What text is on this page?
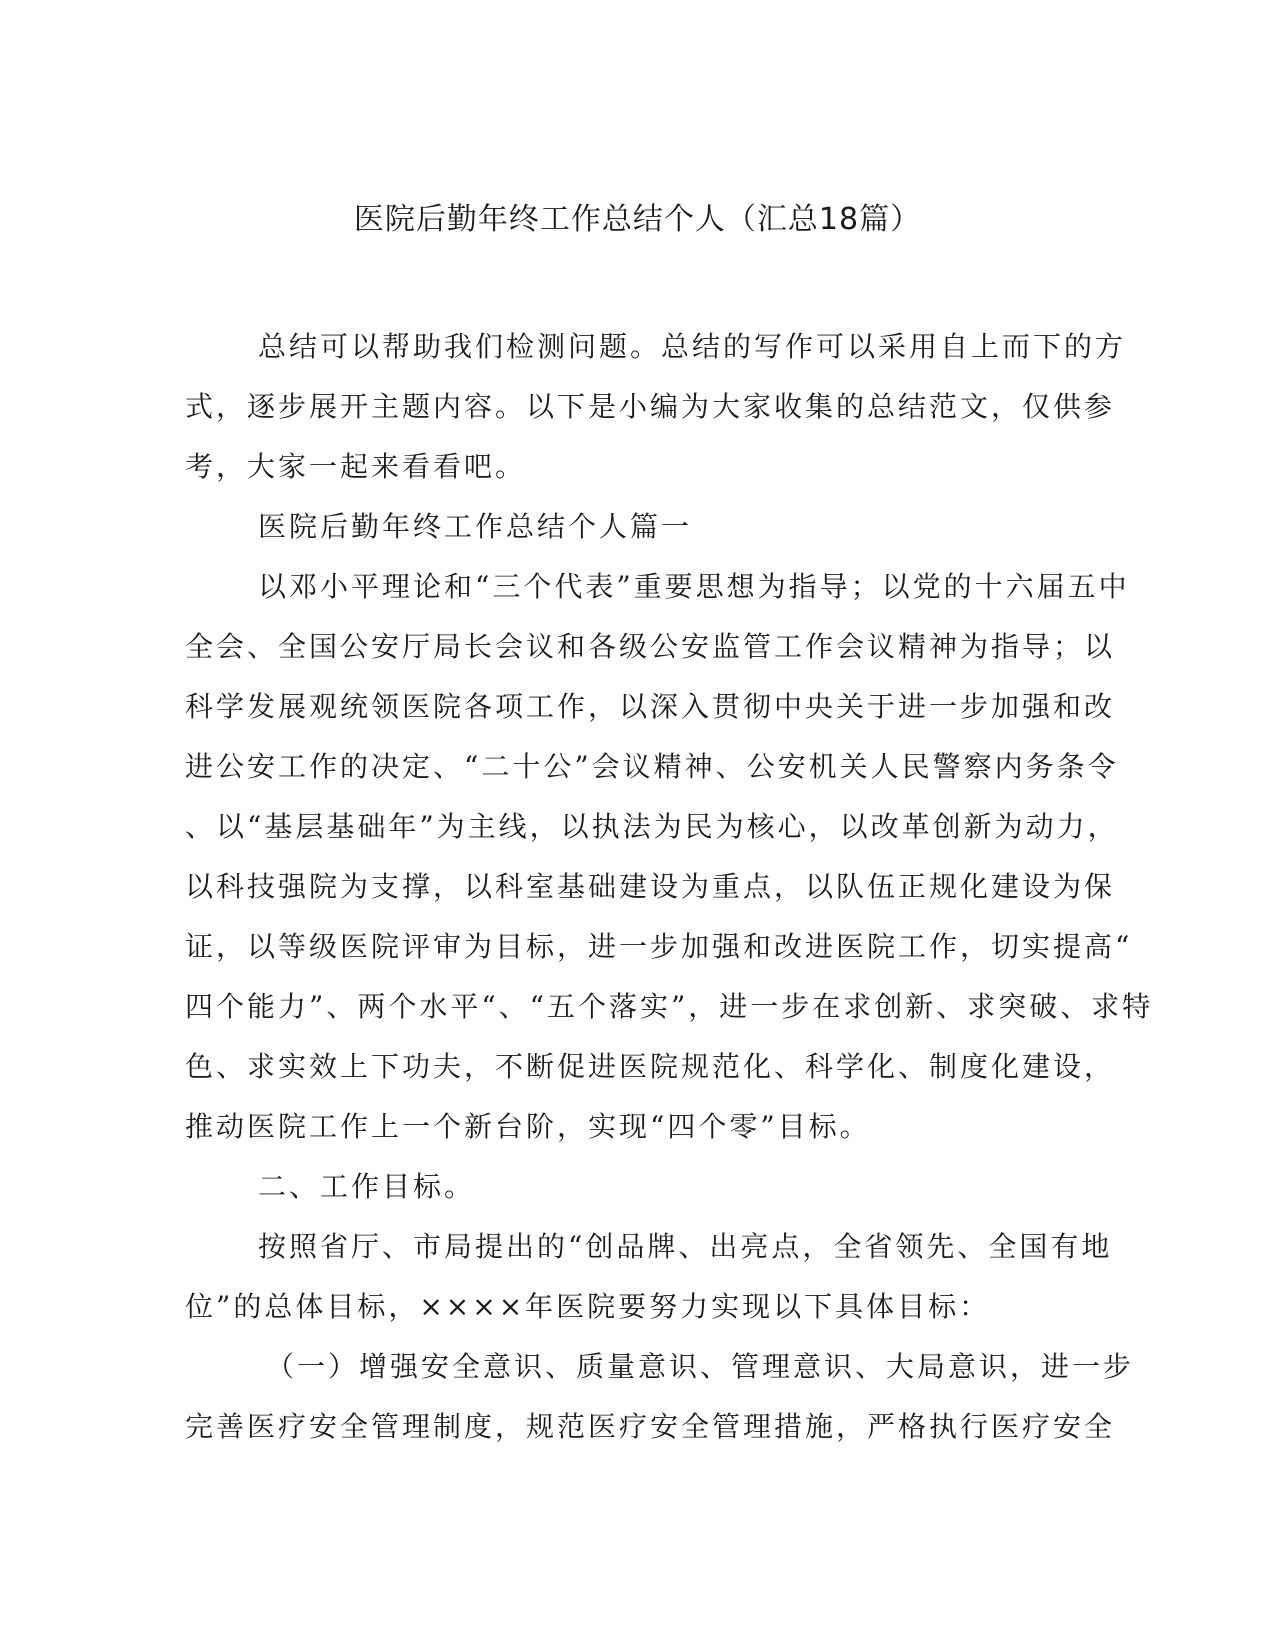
医院后勤年终工作总结个人（汇总18篇）

总结可以帮助我们检测问题。总结的写作可以采用自上而下的方
式，逐步展开主题内容。以下是小编为大家收集的总结范文，仅供参
考，大家一起来看看吧。

医院后勤年终工作总结个人篇一

以邓小平理论和“三个代表”重要思想为指导；以党的十六届五中
全会、全国公安厅局长会议和各级公安监管工作会议精神为指导；以
科学发展观统领医院各项工作，以深入贯彻中央关于进一步加强和改
进公安工作的决定、“二十公”会议精神、公安机关人民警察内务条令
、以“基层基础年”为主线，以执法为民为核心，以改革创新为动力，
以科技强院为支撑，以科室基础建设为重点，以队伍正规化建设为保
证，以等级医院评审为目标，进一步加强和改进医院工作，切实提高“
四个能力”、两个水平“、“五个落实”，进一步在求创新、求突破、求特
色、求实效上下功夫，不断促进医院规范化、科学化、制度化建设，
推动医院工作上一个新台阶，实现“四个零”目标。

二、工作目标。

按照省厅、市局提出的“创品牌、出亮点，全省领先、全国有地
位”的总体目标，××××年医院要努力实现以下具体目标：

（一）增强安全意识、质量意识、管理意识、大局意识，进一步
完善医疗安全管理制度，规范医疗安全管理措施，严格执行医疗安全
